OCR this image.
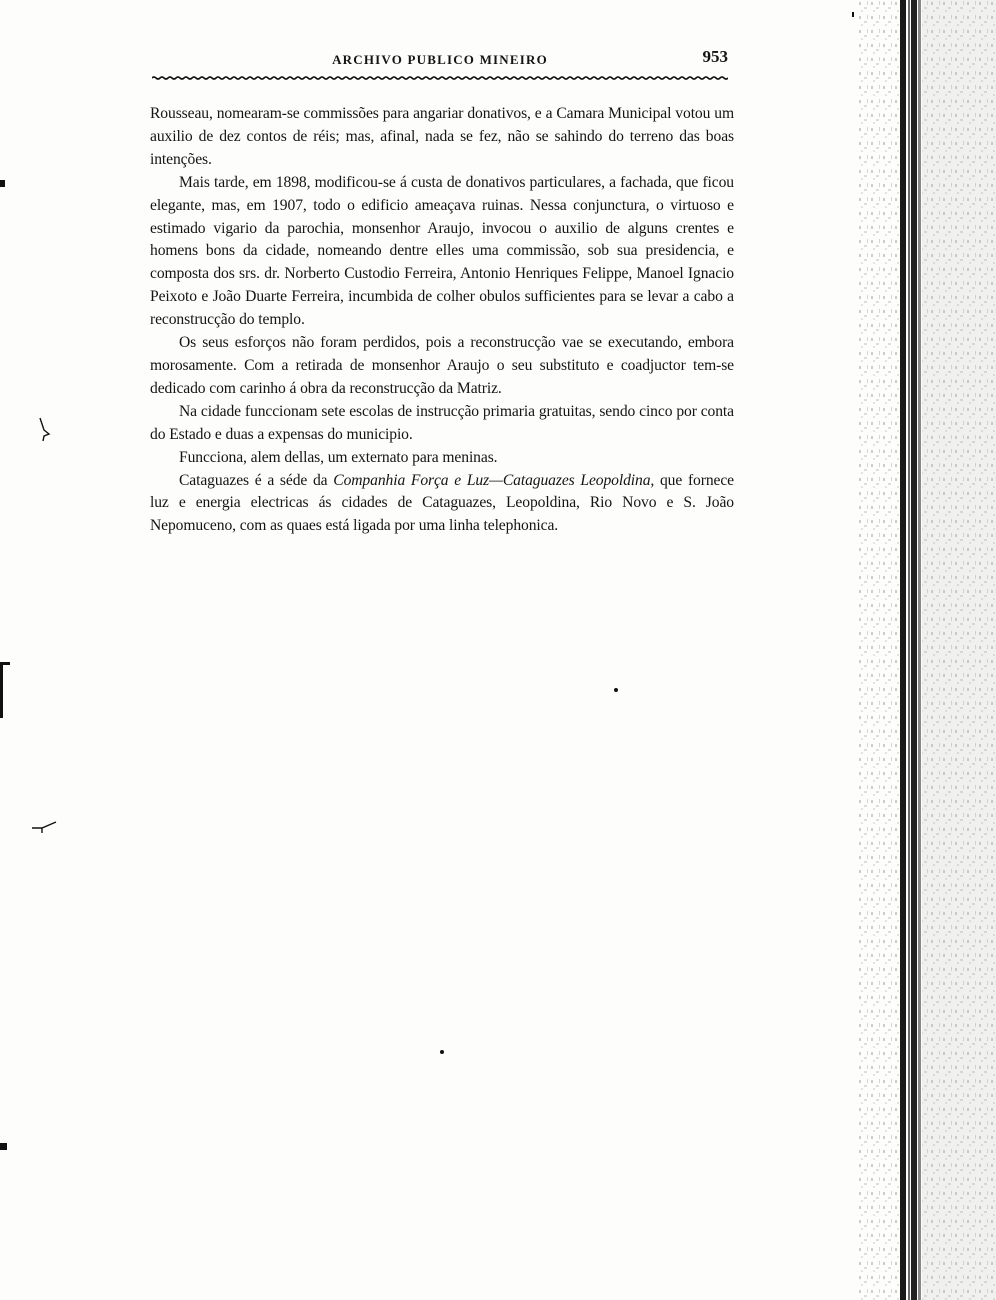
ARCHIVO PUBLICO MINEIRO	953

Rousseau, nomearam-se commissões para angariar donativos, e a Camara Municipal votou um auxilio de dez contos de réis; mas, afinal, nada se fez, não se sahindo do terreno das boas intenções.

Mais tarde, em 1898, modificou-se á custa de donativos particulares, a fachada, que ficou elegante, mas, em 1907, todo o edificio ameaçava ruinas. Nessa conjunctura, o virtuoso e estimado vigario da parochia, monsenhor Araujo, invocou o auxilio de alguns crentes e homens bons da cidade, nomeando dentre elles uma commissão, sob sua presidencia, e composta dos srs. dr. Norberto Custodio Ferreira, Antonio Henriques Felippe, Manoel Ignacio Peixoto e João Duarte Ferreira, incumbida de colher obulos sufficientes para se levar a cabo a reconstrucção do templo.

Os seus esforços não foram perdidos, pois a reconstrucção vae se executando, embora morosamente. Com a retirada de monsenhor Araujo o seu substituto e coadjuctor tem-se dedicado com carinho á obra da reconstrucção da Matriz.

Na cidade funccionam sete escolas de instrucção primaria gratuitas, sendo cinco por conta do Estado e duas a expensas do municipio.

Funcciona, alem dellas, um externato para meninas.

Cataguazes é a séde da Companhia Força e Luz—Cataguazes Leopoldina, que fornece luz e energia electricas ás cidades de Cataguazes, Leopoldina, Rio Novo e S. João Nepomuceno, com as quaes está ligada por uma linha telephonica.
